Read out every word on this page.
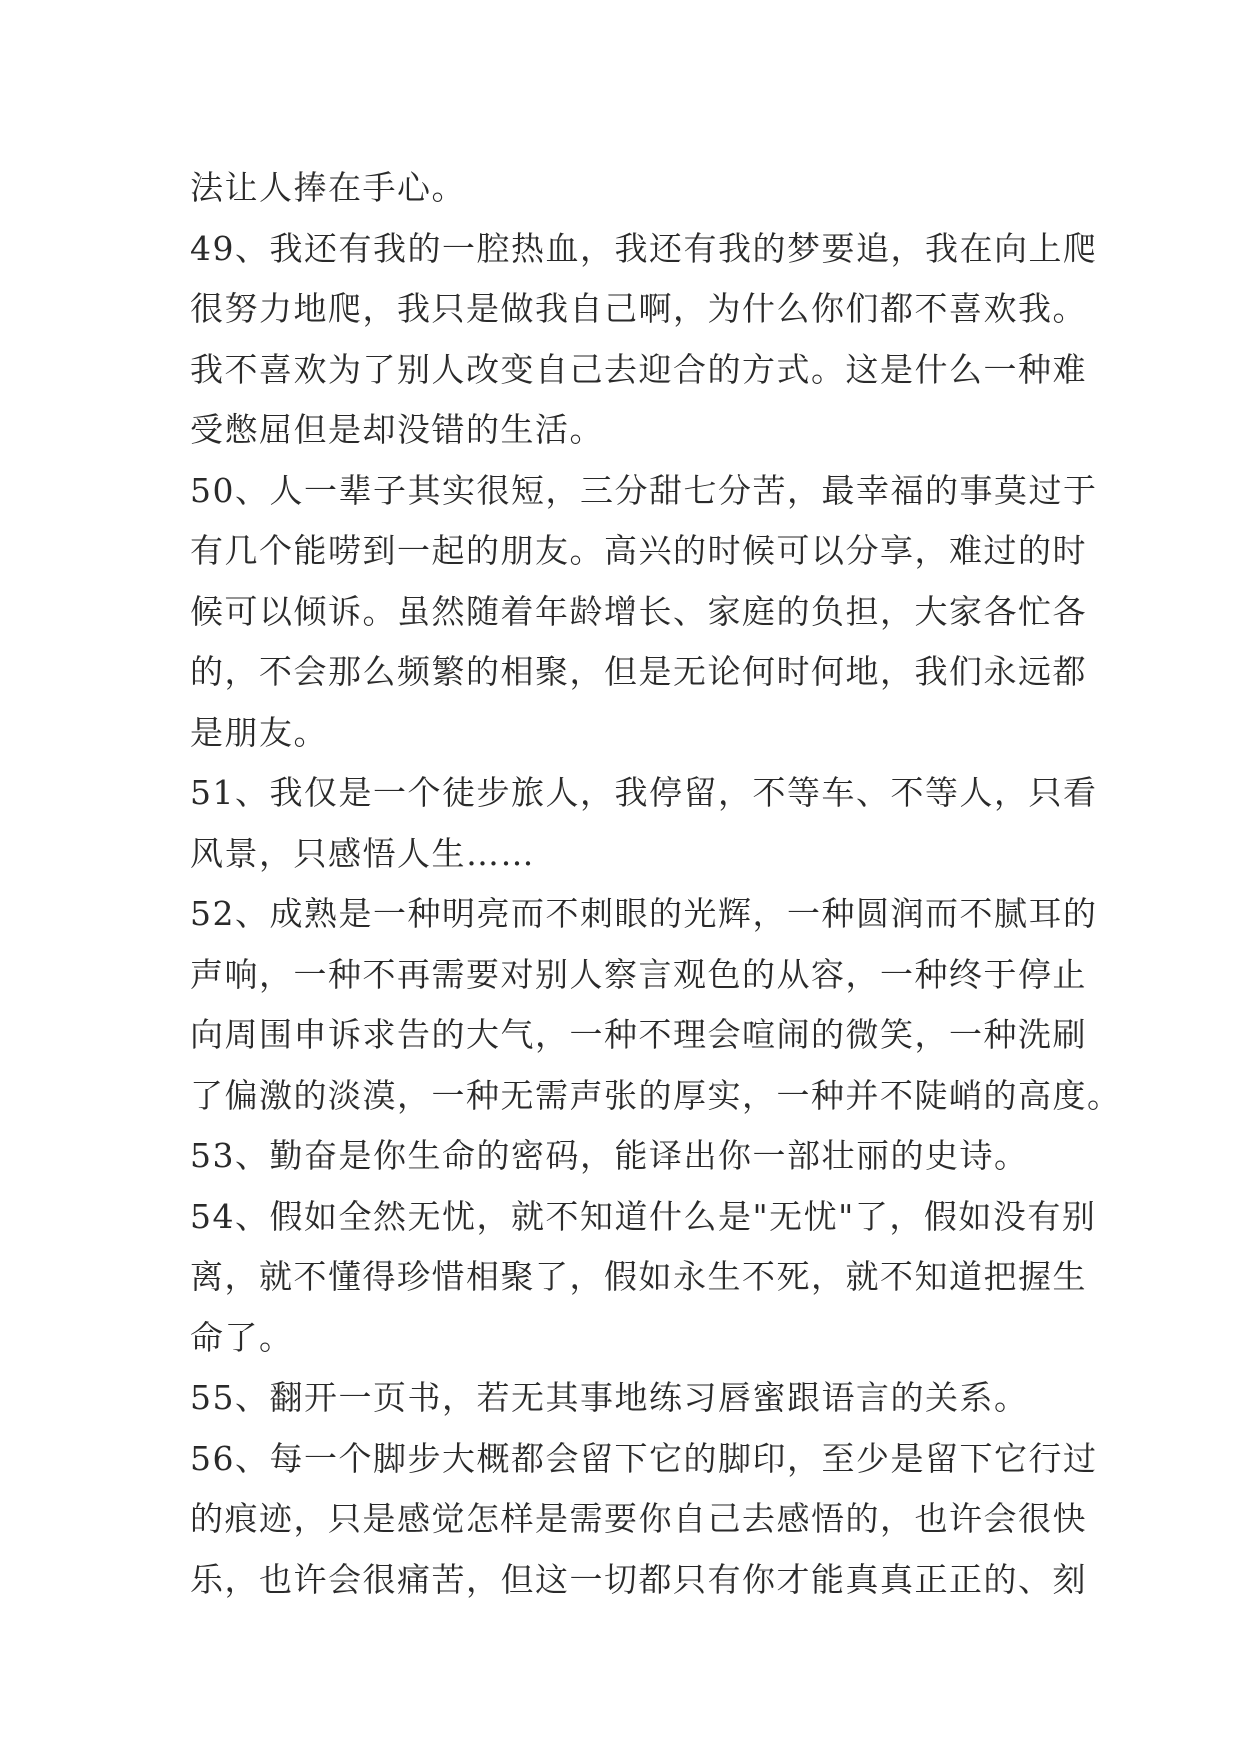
法让人捧在手心。
49、我还有我的一腔热血，我还有我的梦要追，我在向上爬
很努力地爬，我只是做我自己啊，为什么你们都不喜欢我。
我不喜欢为了别人改变自己去迎合的方式。这是什么一种难
受憋屈但是却没错的生活。
50、人一辈子其实很短，三分甜七分苦，最幸福的事莫过于
有几个能唠到一起的朋友。高兴的时候可以分享，难过的时
候可以倾诉。虽然随着年龄增长、家庭的负担，大家各忙各
的，不会那么频繁的相聚，但是无论何时何地，我们永远都
是朋友。
51、我仅是一个徒步旅人，我停留，不等车、不等人，只看
风景，只感悟人生……
52、成熟是一种明亮而不刺眼的光辉，一种圆润而不腻耳的
声响，一种不再需要对别人察言观色的从容，一种终于停止
向周围申诉求告的大气，一种不理会喧闹的微笑，一种洗刷
了偏激的淡漠，一种无需声张的厚实，一种并不陡峭的高度。
53、勤奋是你生命的密码，能译出你一部壮丽的史诗。
54、假如全然无忧，就不知道什么是"无忧"了，假如没有别
离，就不懂得珍惜相聚了，假如永生不死，就不知道把握生
命了。
55、翻开一页书，若无其事地练习唇蜜跟语言的关系。
56、每一个脚步大概都会留下它的脚印，至少是留下它行过
的痕迹，只是感觉怎样是需要你自己去感悟的，也许会很快
乐，也许会很痛苦，但这一切都只有你才能真真正正的、刻
